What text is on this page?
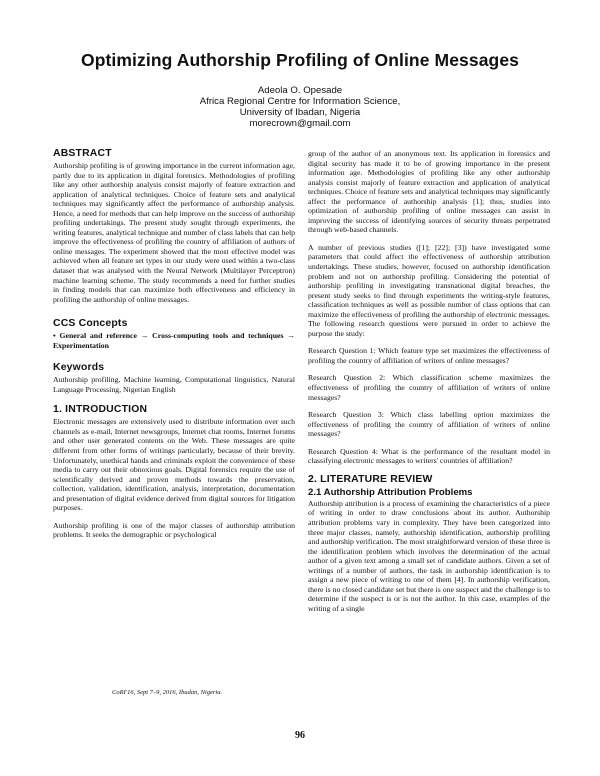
Optimizing Authorship Profiling of Online Messages
Adeola O. Opesade
Africa Regional Centre for Information Science,
University of Ibadan, Nigeria
morecrown@gmail.com
ABSTRACT

Authorship profiling is of growing importance in the current information age, partly due to its application in digital forensics. Methodologies of profiling like any other authorship analysis consist majorly of feature extraction and application of analytical techniques. Choice of feature sets and analytical techniques may significantly affect the performance of authorship analysis. Hence, a need for methods that can help improve on the success of authorship profiling undertakings. The present study sought through experiments, the writing features, analytical technique and number of class labels that can help improve the effectiveness of profiling the country of affiliation of authors of online messages. The experiment showed that the most effective model was achieved when all feature set types in our study were used within a two-class dataset that was analysed with the Neural Network (Multilayer Perceptron) machine learning scheme. The study recommends a need for further studies in finding models that can maximize both effectiveness and efficiency in profiling the authorship of online messages.

CCS Concepts
• General and reference → Cross-computing tools and techniques → Experimentation
Keywords

Authorship profiling, Machine learning, Computational linguistics, Natural Language Processing, Nigerian English

1. INTRODUCTION

Electronic messages are extensively used to distribute information over such channels as e-mail, Internet newsgroups, Internet chat rooms, Internet forums and other user generated contents on the Web. These messages are quite different from other forms of writings particularly, because of their brevity. Unfortunately, unethical hands and criminals exploit the convenience of these media to carry out their obnoxious goals. Digital forensics require the use of scientifically derived and proven methods towards the preservation, collection, validation, identification, analysis, interpretation, documentation and presentation of digital evidence derived from digital sources for litigation purposes.

Authorship profiling is one of the major classes of authorship attribution problems. It seeks the demographic or psychological

group of the author of an anonymous text. Its application in forensics and digital security has made it to be of growing importance in the present information age. Methodologies of profiling like any other authorship analysis consist majorly of feature extraction and application of analytical techniques. Choice of feature sets and analytical techniques may significantly affect the performance of authorship analysis [1]; thus, studies into optimization of authorship profiling of online messages can assist in improving the success of identifying sources of security threats perpetrated through web-based channels.

A number of previous studies ([1]; [22]; [3]) have investigated some parameters that could affect the effectiveness of authorship attribution undertakings. These studies, however, focused on authorship identification problem and not on authorship profiling. Considering the potential of authorship profiling in investigating transnational digital breaches, the present study seeks to find through experiments the writing-style features, classification techniques as well as possible number of class options that can maximize the effectiveness of profiling the authorship of electronic messages. The following research questions were pursued in order to achieve the purpose the study:

Research Question 1: Which feature type set maximizes the effectiveness of profiling the country of affiliation of writers of online messages?

Research Question 2: Which classification scheme maximizes the effectiveness of profiling the country of affiliation of writers of online messages?

Research Question 3: Which class labelling option maximizes the effectiveness of profiling the country of affiliation of writers of online messages?

Research Question 4: What is the performance of the resultant model in classifying electronic messages to writers' countries of affiliation?

2. LITERATURE REVIEW
2.1 Authorship Attribution Problems

Authorship attribution is a process of examining the characteristics of a piece of writing in order to draw conclusions about its author. Authorship attribution problems vary in complexity. They have been categorized into three major classes, namely, authorship identification, authorship profiling and authorship verification. The most straightforward version of these three is the identification problem which involves the determination of the actual author of a given text among a small set of candidate authors. Given a set of writings of a number of authors, the task in authorship identification is to assign a new piece of writing to one of them [4]. In authorship verification, there is no closed candidate set but there is one suspect and the challenge is to determine if the suspect is or is not the author. In this case, examples of the writing of a single

CoRI'16, Sept 7–9, 2016, Ibadan, Nigeria.
96
